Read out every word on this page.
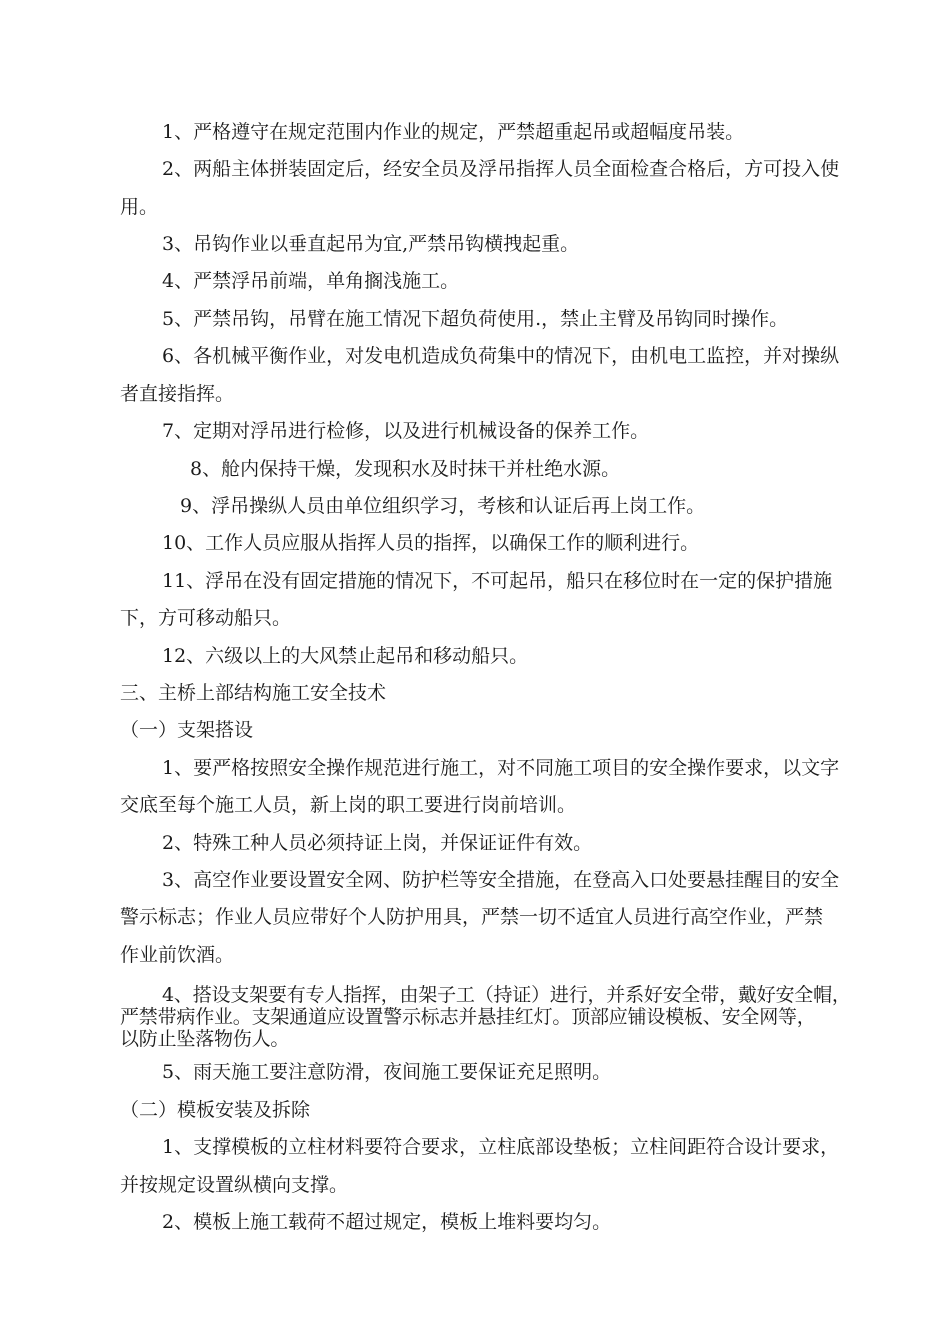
1、严格遵守在规定范围内作业的规定，严禁超重起吊或超幅度吊装。
2、两船主体拼装固定后，经安全员及浮吊指挥人员全面检查合格后，方可投入使
用。
3、吊钩作业以垂直起吊为宜,严禁吊钩横拽起重。
4、严禁浮吊前端，单角搁浅施工。
5、严禁吊钩，吊臂在施工情况下超负荷使用.，禁止主臂及吊钩同时操作。
6、各机械平衡作业，对发电机造成负荷集中的情况下，由机电工监控，并对操纵
者直接指挥。
7、定期对浮吊进行检修，以及进行机械设备的保养工作。
8、舱内保持干燥，发现积水及时抹干并杜绝水源。
9、浮吊操纵人员由单位组织学习，考核和认证后再上岗工作。
10、工作人员应服从指挥人员的指挥，以确保工作的顺利进行。
11、浮吊在没有固定措施的情况下，不可起吊，船只在移位时在一定的保护措施
下，方可移动船只。
12、六级以上的大风禁止起吊和移动船只。
三、主桥上部结构施工安全技术
（一）支架搭设
1、要严格按照安全操作规范进行施工，对不同施工项目的安全操作要求，以文字
交底至每个施工人员，新上岗的职工要进行岗前培训。
2、特殊工种人员必须持证上岗，并保证证件有效。
3、高空作业要设置安全网、防护栏等安全措施，在登高入口处要悬挂醒目的安全
警示标志；作业人员应带好个人防护用具，严禁一切不适宜人员进行高空作业，严禁
作业前饮酒。
4、搭设支架要有专人指挥，由架子工（持证）进行，并系好安全带，戴好安全帽，
严禁带病作业。支架通道应设置警示标志并悬挂红灯。顶部应铺设模板、安全网等，
以防止坠落物伤人。
5、雨天施工要注意防滑，夜间施工要保证充足照明。
（二）模板安装及拆除
1、支撑模板的立柱材料要符合要求，立柱底部设垫板；立柱间距符合设计要求，
并按规定设置纵横向支撑。
2、模板上施工载荷不超过规定，模板上堆料要均匀。
